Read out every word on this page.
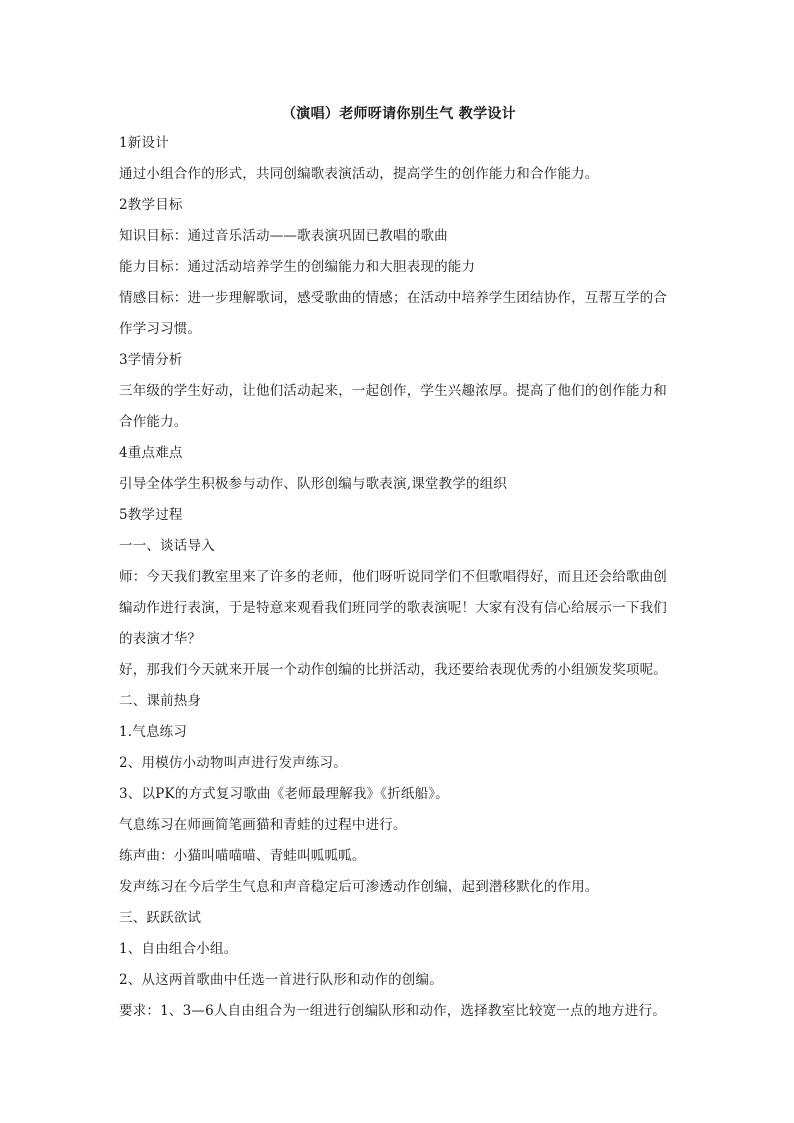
（演唱）老师呀请你别生气 教学设计

1新设计

通过小组合作的形式，共同创编歌表演活动，提高学生的创作能力和合作能力。

2教学目标

知识目标：通过音乐活动——歌表演巩固已教唱的歌曲

能力目标：通过活动培养学生的创编能力和大胆表现的能力

情感目标：进一步理解歌词，感受歌曲的情感；在活动中培养学生团结协作，互帮互学的合

作学习习惯。

3学情分析

三年级的学生好动，让他们活动起来，一起创作，学生兴趣浓厚。提高了他们的创作能力和

合作能力。

4重点难点

引导全体学生积极参与动作、队形创编与歌表演,课堂教学的组织

5教学过程

一一、谈话导入

师：今天我们教室里来了许多的老师，他们呀听说同学们不但歌唱得好，而且还会给歌曲创

编动作进行表演，于是特意来观看我们班同学的歌表演呢！大家有没有信心给展示一下我们

的表演才华？

好，那我们今天就来开展一个动作创编的比拼活动，我还要给表现优秀的小组颁发奖项呢。

二、课前热身

1.气息练习

2、用模仿小动物叫声进行发声练习。

3、以PK的方式复习歌曲《老师最理解我》《折纸船》。

气息练习在师画简笔画猫和青蛙的过程中进行。

练声曲：小猫叫喵喵喵、青蛙叫呱呱呱。

发声练习在今后学生气息和声音稳定后可渗透动作创编，起到潜移默化的作用。

三、跃跃欲试

1、自由组合小组。

2、从这两首歌曲中任选一首进行队形和动作的创编。

要求：1、3—6人自由组合为一组进行创编队形和动作，选择教室比较宽一点的地方进行。
